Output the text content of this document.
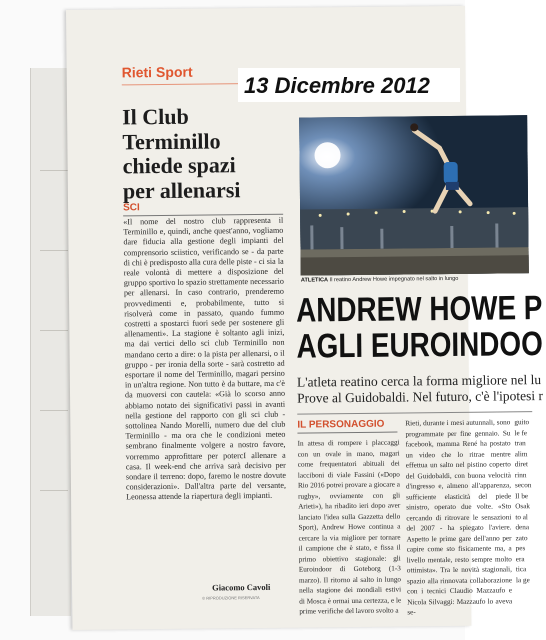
Rieti Sport
Il Club
Terminillo
chiede spazi
per allenarsi
SCI

«Il nome del nostro club rappresenta il Terminillo e, quindi, anche quest'anno, vogliamo dare fiducia alla gestione degli impianti del comprensorio sciistico, verificando se - da parte di chi è predisposto alla cura delle piste - ci sia la reale volontà di mettere a disposizione del gruppo sportivo lo spazio strettamente necessario per allenarsi. In caso contrario, prenderemo provvedimenti e, probabilmente, tutto si risolverà come in passato, quando fummo costretti a spostarci fuori sede per sostenere gli allenamenti». La stagione è soltanto agli inizi, ma dai vertici dello sci club Terminillo non mandano certo a dire: o la pista per allenarsi, o il gruppo - per ironia della sorte - sarà costretto ad esportare il nome del Terminillo, magari persino in un'altra regione. Non tutto è da buttare, ma c'è da muoversi con cautela: «Già lo scorso anno abbiamo notato dei significativi passi in avanti nella gestione del rapporto con gli sci club - sottolinea Nando Morelli, numero due del club Terminillo - ma ora che le condizioni meteo sembrano finalmente volgere a nostro favore, vorremmo approfittare per potercI allenare a casa. Il week-end che arriva sarà decisivo per sondare il terreno: dopo, faremo le nostre dovute considerazioni». Dall'altra parte del versante, Leonessa attende la riapertura degli impianti.

Giacomo Cavoli
© RIPRODUZIONE RISERVATA
ATLETICA Il reatino Andrew Howe impegnato nel salto in lungo
ANDREW HOWE P
AGLI EUROINDOO
L'atleta reatino cerca la forma migliore nel lu
Prove al Guidobaldi. Nel futuro, c'è l'ipotesi r
IL PERSONAGGIO

In attesa di rompere i placcaggi con un ovale in mano, magari come frequentatori abituali dei lacciboni di viale Fassini («Dopo Rio 2016 potrei provare a giocare a rugby», ovviamente con gli Arieti»), ha ribadito ieri dopo aver lanciato l'idea sulla Gazzetta dello Sport), Andrew Howe continua a cercare la via migliore per tornare il campione che è stato, e fissa il primo obiettivo stagionale: gli Euroindoor di Goteborg (1-3 marzo). Il ritorno al salto in lungo nella stagione dei mondiali estivi di Mosca è ormai una certezza, e le prime verifiche del lavoro svolto a

Rieti, durante i mesi autunnali, sono programmate per fine gennaio. Su facebook, mamma René ha postato un video che lo ritrae mentre effettua un salto nel pistino coperto del Guidobaldi, con buona velocità d'ingresso e, almeno all'apparenza, sufficiente elasticità del piede sinistro, operato due volte. «Sto cercando di ritrovare le sensazioni del 2007 - ha spiegato l'aviere. Aspetto le prime gare dell'anno per capire come sto fisicamente ma, a livello mentale, resto sempre molto ottimista». Tra le novità stagionali, spazio alla rinnovata collaborazione con i tecnici Claudio Mazzaufo e Nicola Silvaggi: Mazzaufo lo aveva se-

guito
le fe
tran
alim
diret
rinn
secon
Il be
Osak
to al
dena
zato
pes
era
tica
la ge
13 Dicembre 2012
